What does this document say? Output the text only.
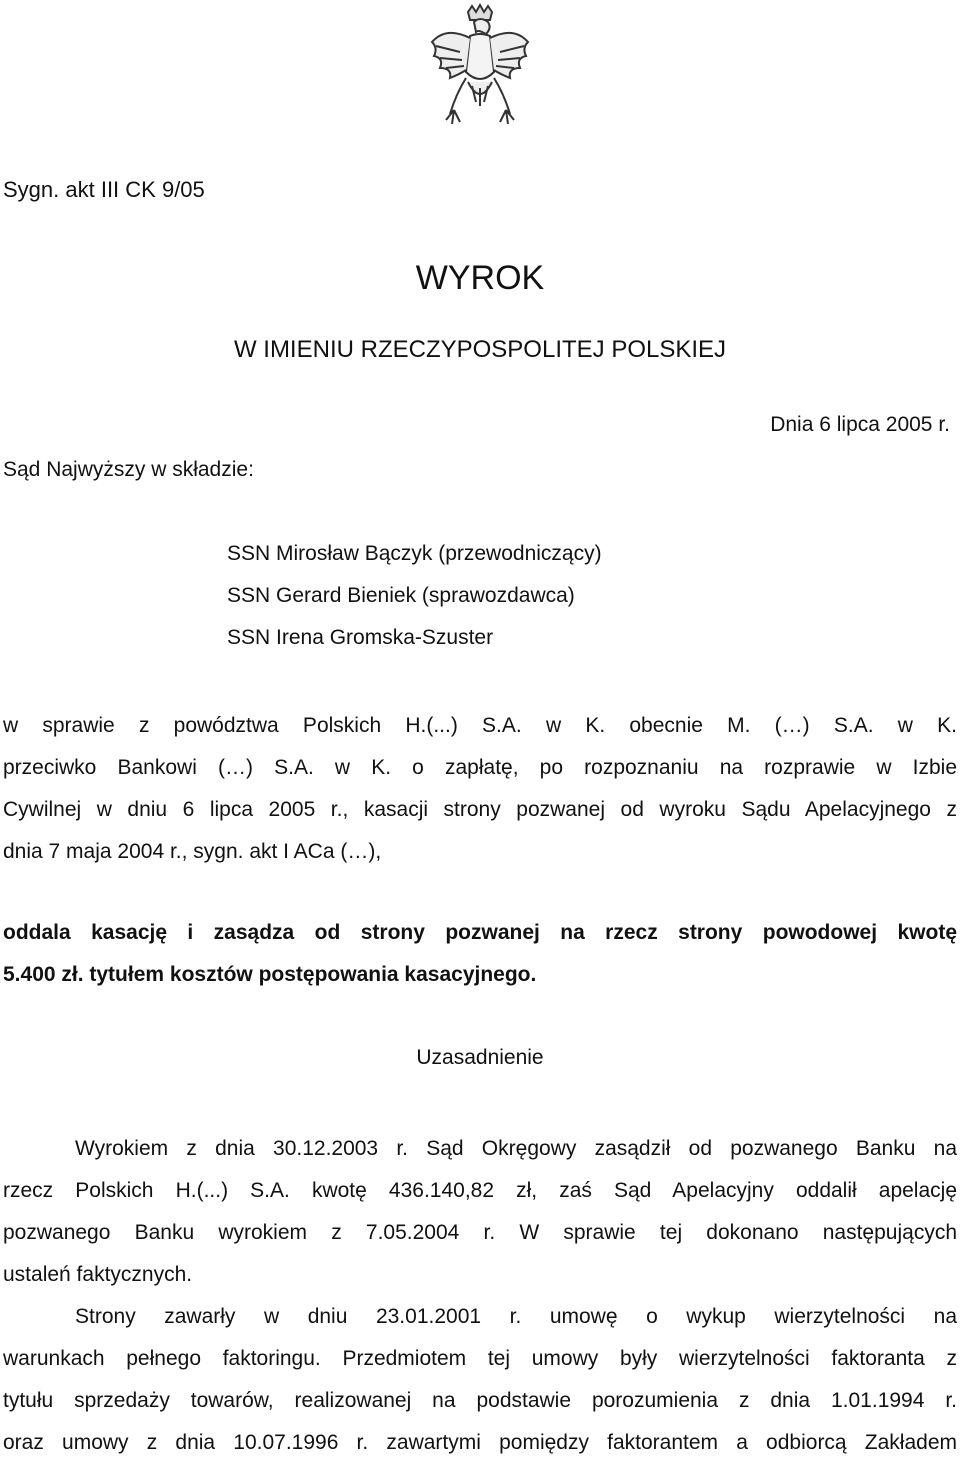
Sygn. akt III CK 9/05
WYROK
W IMIENIU RZECZYPOSPOLITEJ POLSKIEJ
Dnia 6 lipca 2005 r.
Sąd Najwyższy w składzie:
SSN Mirosław Bączyk (przewodniczący)
SSN Gerard Bieniek (sprawozdawca)
SSN Irena Gromska-Szuster
w sprawie z powództwa Polskich H.(...) S.A. w K. obecnie M. (…) S.A. w K.
przeciwko Bankowi (…) S.A. w K. o zapłatę, po rozpoznaniu na rozprawie w Izbie
Cywilnej w dniu 6 lipca 2005 r., kasacji strony pozwanej od wyroku Sądu Apelacyjnego z
dnia 7 maja 2004 r., sygn. akt I ACa (…),
oddala kasację i zasądza od strony pozwanej na rzecz strony powodowej kwotę
5.400 zł. tytułem kosztów postępowania kasacyjnego.
Uzasadnienie
Wyrokiem z dnia 30.12.2003 r. Sąd Okręgowy zasądził od pozwanego Banku na
rzecz Polskich H.(...) S.A. kwotę 436.140,82 zł, zaś Sąd Apelacyjny oddalił apelację
pozwanego Banku wyrokiem z 7.05.2004 r. W sprawie tej dokonano następujących
ustaleń faktycznych.
Strony zawarły w dniu 23.01.2001 r. umowę o wykup wierzytelności na
warunkach pełnego faktoringu. Przedmiotem tej umowy były wierzytelności faktoranta z
tytułu sprzedaży towarów, realizowanej na podstawie porozumienia z dnia 1.01.1994 r.
oraz umowy z dnia 10.07.1996 r. zawartymi pomiędzy faktorantem a odbiorcą Zakładem
